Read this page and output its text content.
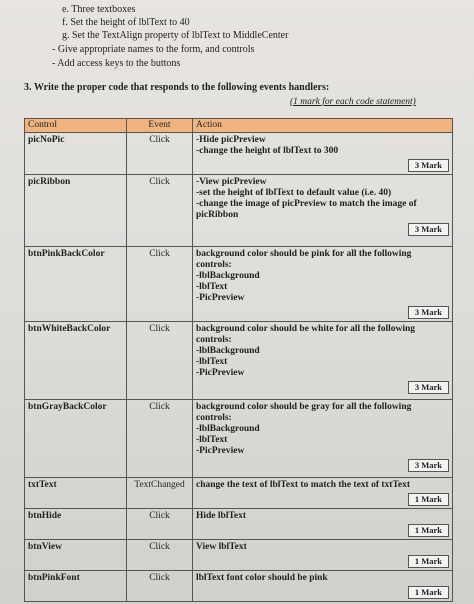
e. Three textboxes
f. Set the height of lblText to 40
g. Set the TextAlign property of lblText to MiddleCenter
- Give appropriate names to the form, and controls
- Add access keys to the buttons
3. Write the proper code that responds to the following events handlers:
(1 mark for each code statement)
Control	Event	Action
picNoPic	Click	-Hide picPreview
-change the height of lblText to 300
3 Mark

picRibbon	Click	-View picPreview
-set the height of lblText to default value (i.e. 40)
-change the image of picPreview to match the image of picRibbon
3 Mark

btnPinkBackColor	Click	background color should be pink for all the following controls:
-lblBackground
-lblText
-PicPreview
3 Mark

btnWhiteBackColor	Click	background color should be white for all the following controls:
-lblBackground
-lblText
-PicPreview
3 Mark

btnGrayBackColor	Click	background color should be gray for all the following controls:
-lblBackground
-lblText
-PicPreview
3 Mark

txtText	TextChanged	change the text of lblText to match the text of txtText
1 Mark

btnHide	Click	Hide lblText
1 Mark

btnView	Click	View lblText
1 Mark

btnPinkFont	Click	lblText font color should be pink
1 Mark
